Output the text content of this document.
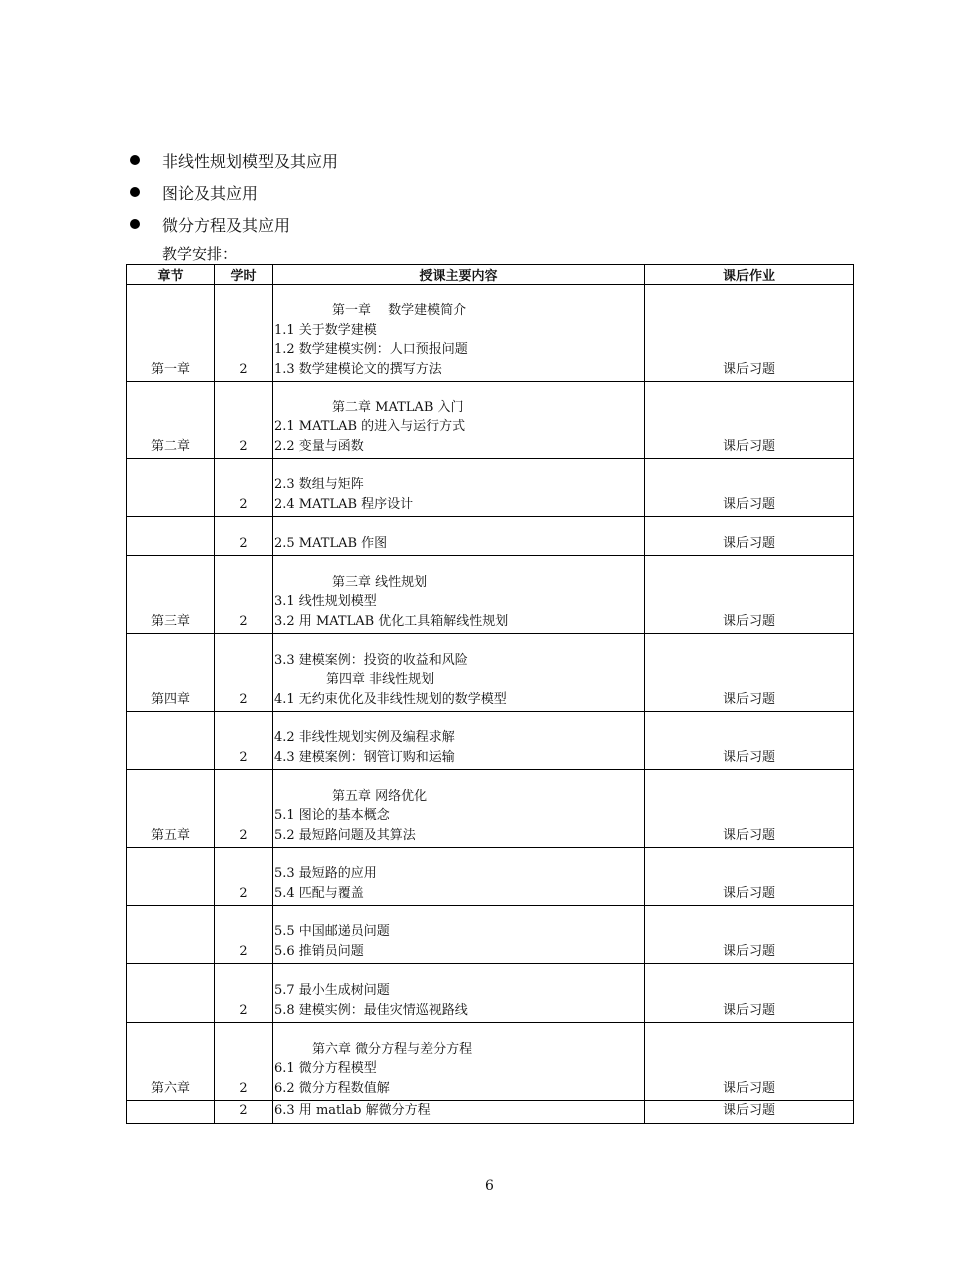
非线性规划模型及其应用
图论及其应用
微分方程及其应用
教学安排：
章节	学时	授课主要内容	课后作业
第一章	2	第一章　 数学建模简介
1.1 关于数学建模
1.2 数学建模实例：人口预报问题
1.3 数学建模论文的撰写方法	课后习题
第二章	2	第二章 MATLAB 入门
2.1 MATLAB 的进入与运行方式
2.2 变量与函数	课后习题
	2	2.3 数组与矩阵
2.4 MATLAB 程序设计	课后习题
	2	2.5 MATLAB 作图	课后习题
第三章	2	第三章 线性规划
3.1 线性规划模型
3.2 用 MATLAB 优化工具箱解线性规划	课后习题
第四章	2	3.3 建模案例：投资的收益和风险
第四章 非线性规划
4.1 无约束优化及非线性规划的数学模型	课后习题
	2	4.2 非线性规划实例及编程求解
4.3 建模案例：钢管订购和运输	课后习题
第五章	2	第五章 网络优化
5.1 图论的基本概念
5.2 最短路问题及其算法	课后习题
	2	5.3 最短路的应用
5.4 匹配与覆盖	课后习题
	2	5.5 中国邮递员问题
5.6 推销员问题	课后习题
	2	5.7 最小生成树问题
5.8 建模实例：最佳灾情巡视路线	课后习题
第六章	2	第六章 微分方程与差分方程
6.1 微分方程模型
6.2 微分方程数值解	课后习题
	2	6.3 用 matlab 解微分方程	课后习题
6
